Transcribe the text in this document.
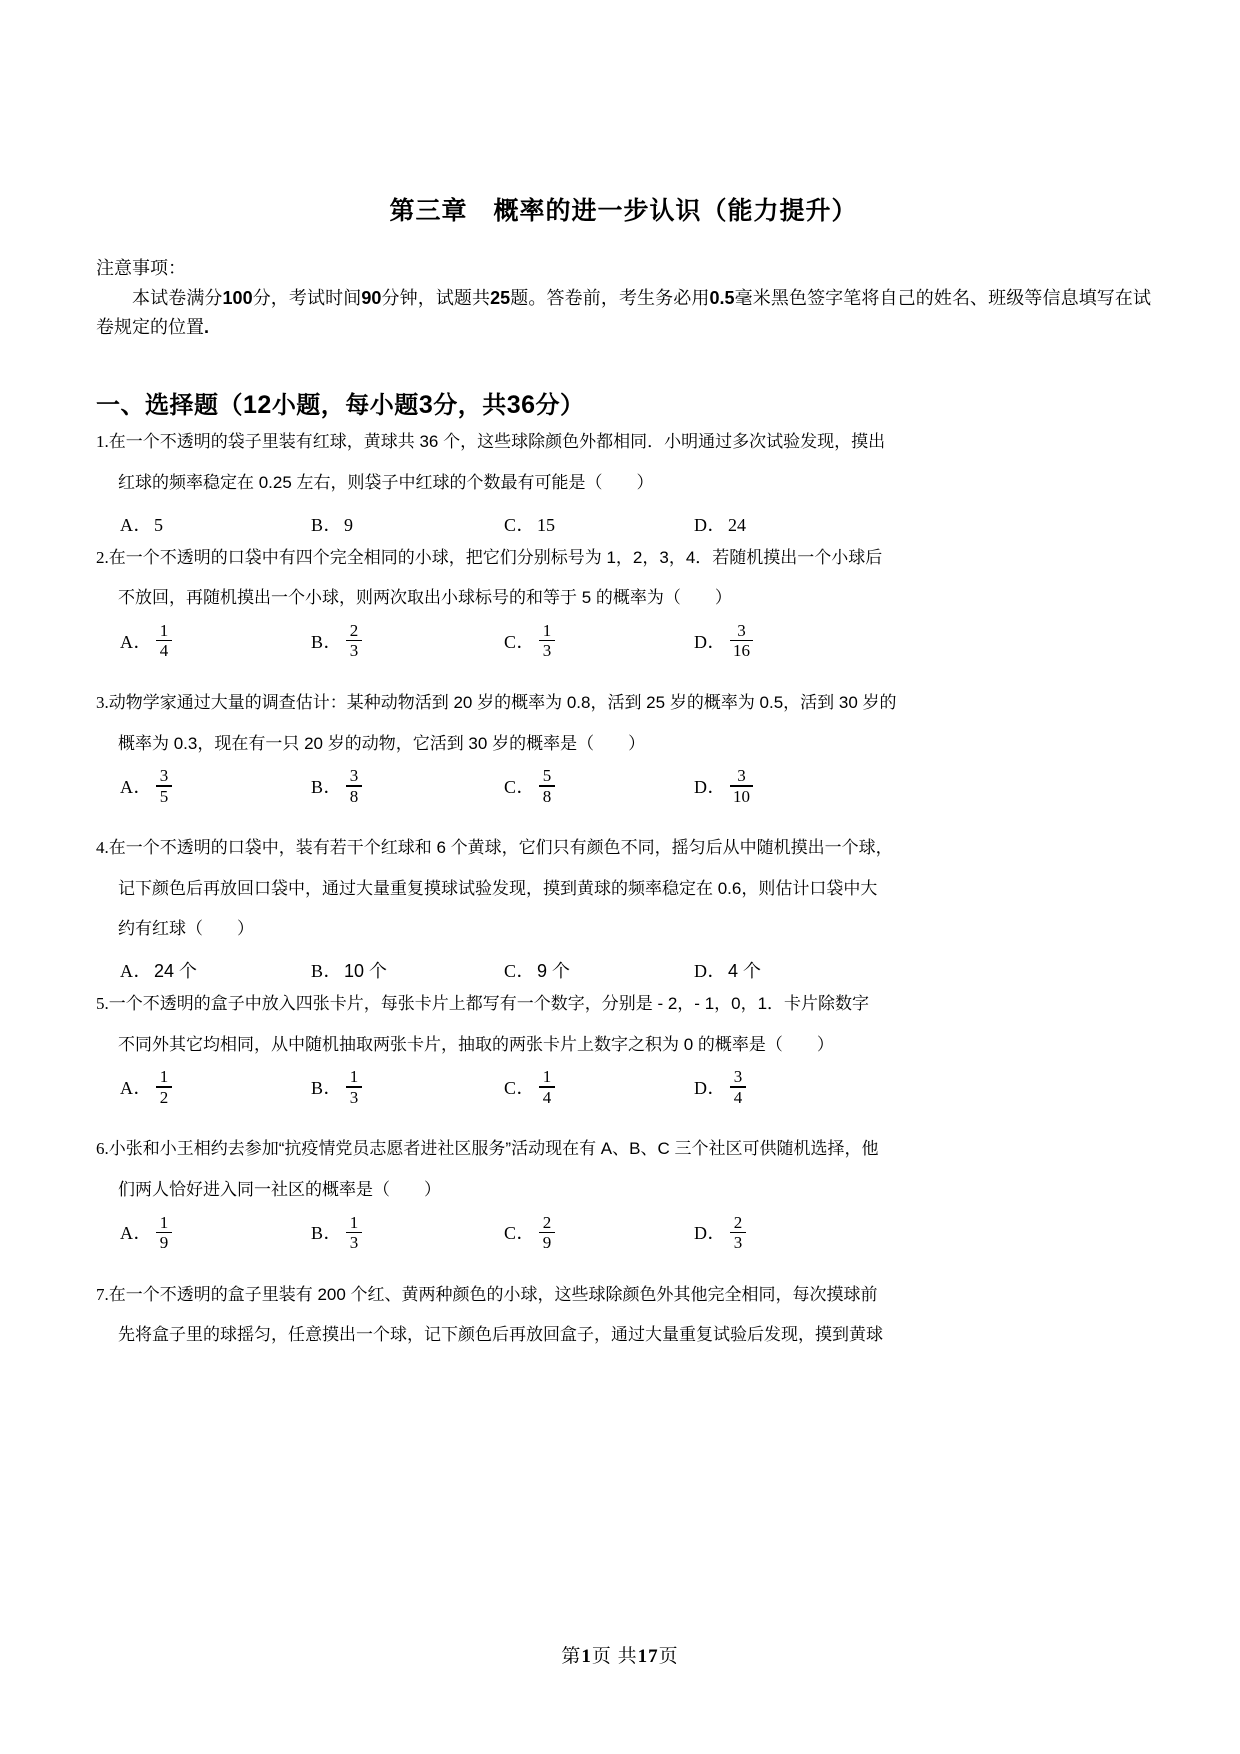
第三章　概率的进一步认识（能力提升）
注意事项：
本试卷满分100分，考试时间90分钟，试题共25题。答卷前，考生务必用0.5毫米黑色签字笔将自己的姓名、班级等信息填写在试卷规定的位置.
一、选择题（12小题，每小题3分，共36分）
1.在一个不透明的袋子里装有红球，黄球共 36 个，这些球除颜色外都相同．小明通过多次试验发现，摸出
红球的频率稳定在 0.25 左右，则袋子中红球的个数最有可能是（　　）
A． 5	B． 9	C． 15	D． 24
2.在一个不透明的口袋中有四个完全相同的小球，把它们分别标号为 1，2，3，4．若随机摸出一个小球后
不放回，再随机摸出一个小球，则两次取出小球标号的和等于 5 的概率为（　　）
A． $\frac{1}{4}$	B． $\frac{2}{3}$	C． $\frac{1}{3}$	D． $\frac{3}{16}$
3.动物学家通过大量的调查估计：某种动物活到 20 岁的概率为 0.8，活到 25 岁的概率为 0.5，活到 30 岁的
概率为 0.3，现在有一只 20 岁的动物，它活到 30 岁的概率是（　　）
A． $\frac{3}{5}$	B． $\frac{3}{8}$	C． $\frac{5}{8}$	D． $\frac{3}{10}$
4.在一个不透明的口袋中，装有若干个红球和 6 个黄球，它们只有颜色不同，摇匀后从中随机摸出一个球，
记下颜色后再放回口袋中，通过大量重复摸球试验发现，摸到黄球的频率稳定在 0.6，则估计口袋中大
约有红球（　　）
A． 24 个	B． 10 个	C． 9 个	D． 4 个
5.一个不透明的盒子中放入四张卡片，每张卡片上都写有一个数字，分别是 - 2，- 1，0，1．卡片除数字
不同外其它均相同，从中随机抽取两张卡片，抽取的两张卡片上数字之积为 0 的概率是（　　）
A． $\frac{1}{2}$	B． $\frac{1}{3}$	C． $\frac{1}{4}$	D． $\frac{3}{4}$
6.小张和小王相约去参加“抗疫情党员志愿者进社区服务”活动现在有 A、B、C 三个社区可供随机选择，他
们两人恰好进入同一社区的概率是（　　）
A． $\frac{1}{9}$	B． $\frac{1}{3}$	C． $\frac{2}{9}$	D． $\frac{2}{3}$
7.在一个不透明的盒子里装有 200 个红、黄两种颜色的小球，这些球除颜色外其他完全相同，每次摸球前
先将盒子里的球摇匀，任意摸出一个球，记下颜色后再放回盒子，通过大量重复试验后发现，摸到黄球
第1页 共17页
